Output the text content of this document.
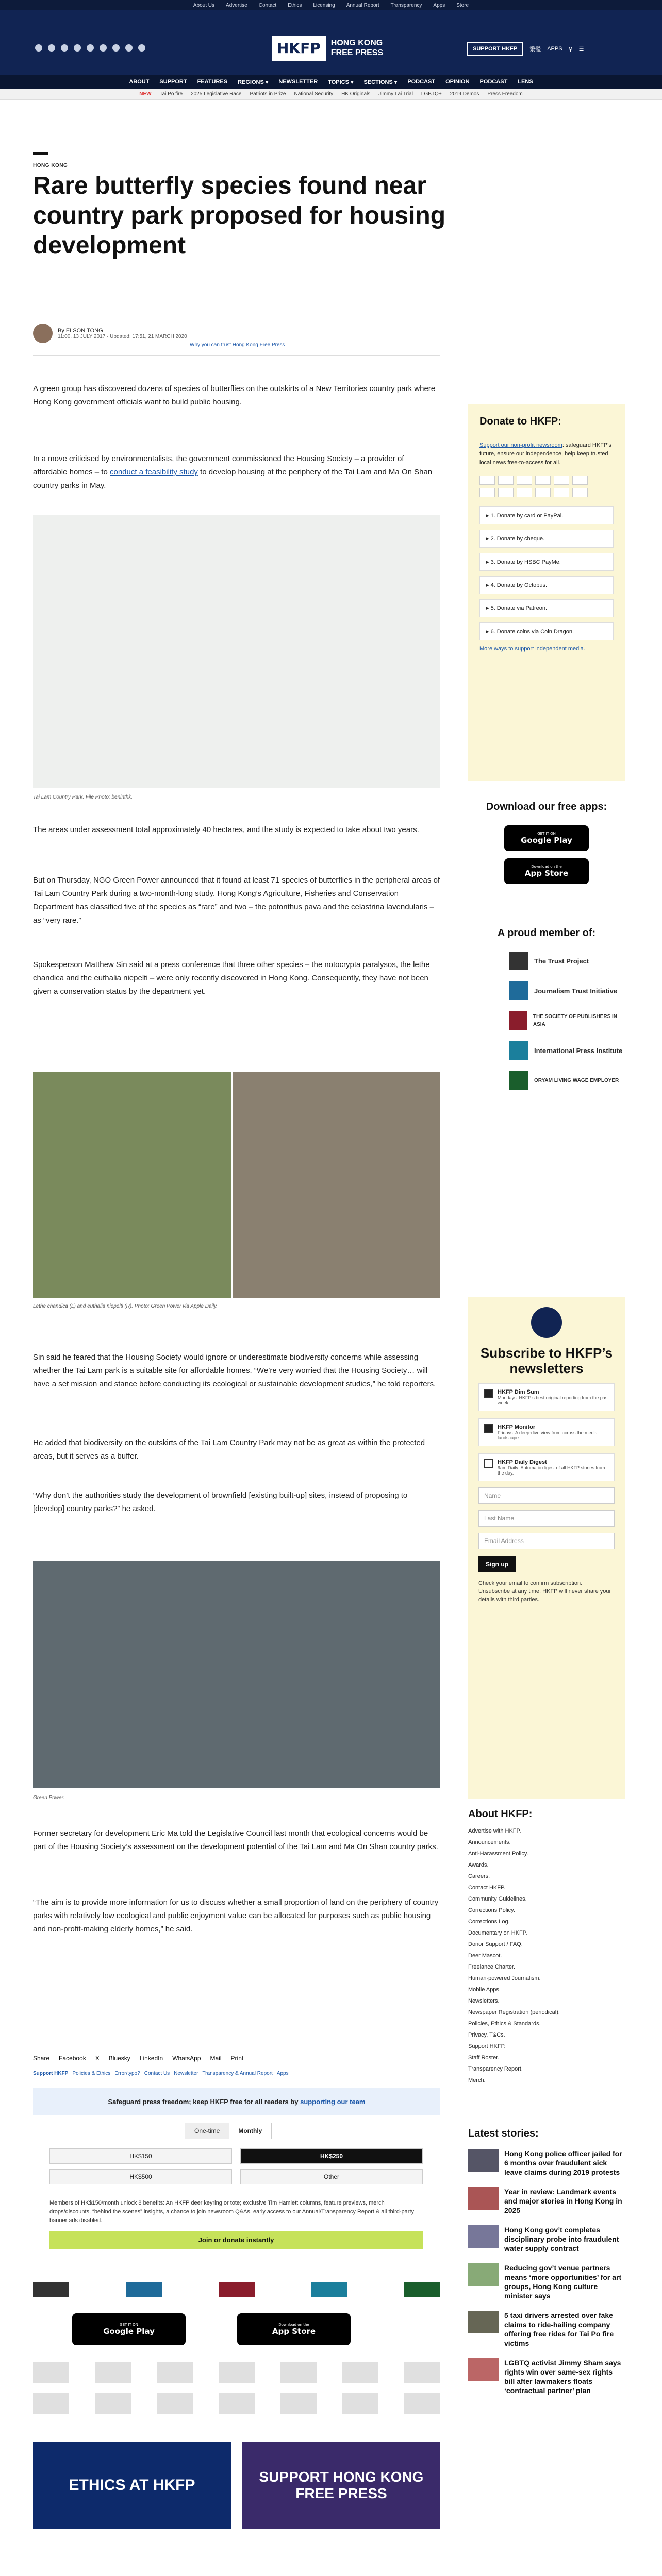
About Us Advertise Contact Ethics Licensing Annual Report Transparency Apps Store
HKFP	HONG KONG
FREE PRESS	SUPPORT HKFP	繁體 APPS ⚲ ☰
ABOUT SUPPORT FEATURES REGIONS ▾ NEWSLETTER TOPICS ▾ SECTIONS ▾ PODCAST OPINION PODCAST LENS
NEW Tai Po fire 2025 Legislative Race Patriots in Prize National Security HK Originals Jimmy Lai Trial LGBTQ+ 2019 Demos Press Freedom
HONG KONG
Rare butterfly species found near country park proposed for housing development
By ELSON TONG
11:00, 13 JULY 2017 · Updated: 17:51, 21 MARCH 2020
Why you can trust Hong Kong Free Press

A green group has discovered dozens of species of butterflies on the outskirts of a New Territories country park where Hong Kong government officials want to build public housing.

In a move criticised by environmentalists, the government commissioned the Housing Society – a provider of affordable homes – to conduct a feasibility study to develop housing at the periphery of the Tai Lam and Ma On Shan country parks in May.

Tai Lam Country Park. File Photo: beninthk.

The areas under assessment total approximately 40 hectares, and the study is expected to take about two years.

But on Thursday, NGO Green Power announced that it found at least 71 species of butterflies in the peripheral areas of Tai Lam Country Park during a two-month-long study. Hong Kong’s Agriculture, Fisheries and Conservation Department has classified five of the species as “rare” and two – the potonthus pava and the celastrina lavendularis – as “very rare.”

Spokesperson Matthew Sin said at a press conference that three other species – the notocrypta paralysos, the lethe chandica and the euthalia niepelti – were only recently discovered in Hong Kong. Consequently, they have not been given a conservation status by the department yet.

Lethe chandica (L) and euthalia niepelti (R). Photo: Green Power via Apple Daily.

Sin said he feared that the Housing Society would ignore or underestimate biodiversity concerns while assessing whether the Tai Lam park is a suitable site for affordable homes. “We’re very worried that the Housing Society… will have a set mission and stance before conducting its ecological or sustainable development studies,” he told reporters.

He added that biodiversity on the outskirts of the Tai Lam Country Park may not be as great as within the protected areas, but it serves as a buffer.

“Why don’t the authorities study the development of brownfield [existing built-up] sites, instead of proposing to [develop] country parks?” he asked.

Green Power.

Former secretary for development Eric Ma told the Legislative Council last month that ecological concerns would be part of the Housing Society’s assessment on the development potential of the Tai Lam and Ma On Shan country parks.

“The aim is to provide more information for us to discuss whether a small proportion of land on the periphery of country parks with relatively low ecological and public enjoyment value can be allocated for purposes such as public housing and non-profit-making elderly homes,” he said.

Share Facebook X Bluesky LinkedIn WhatsApp Mail Print
Support HKFP Policies & Ethics Error/typo? Contact Us Newsletter Transparency & Annual Report Apps
Safeguard press freedom; keep HKFP free for all readers by supporting our team
One-time	Monthly
HK$150	HK$250
HK$500	Other
Members of HK$150/month unlock 8 benefits: An HKFP deer keyring or tote; exclusive Tim Hamlett columns, feature previews, merch drops/discounts, “behind the scenes” insights, a chance to join newsroom Q&As, early access to our Annual/Transparency Report & all third-party banner ads disabled.
Join or donate instantly
GET IT ON
Google Play
Download on the
App Store
ETHICS AT HKFP	SUPPORT HONG KONG FREE PRESS
Donate to HKFP:
Support our non-profit newsroom: safeguard HKFP's future, ensure our independence, help keep trusted local news free-to-access for all.
▸ 1. Donate by card or PayPal.
▸ 2. Donate by cheque.
▸ 3. Donate by HSBC PayMe.
▸ 4. Donate by Octopus.
▸ 5. Donate via Patreon.
▸ 6. Donate coins via Coin Dragon.
More ways to support independent media.
Download our free apps:
GET IT ON
Google Play
Download on the
App Store
A proud member of:
The Trust Project
Journalism Trust Initiative
THE SOCIETY OF PUBLISHERS IN ASIA
International Press Institute
ORYAM LIVING WAGE EMPLOYER
Subscribe to HKFP’s newsletters
HKFP Dim Sum
Mondays: HKFP's best original reporting from the past week.
HKFP Monitor
Fridays: A deep-dive view from across the media landscape.
HKFP Daily Digest
9am Daily: Automatic digest of all HKFP stories from the day.
Name
Last Name
Email Address
Sign up
Check your email to confirm subscription. Unsubscribe at any time. HKFP will never share your details with third parties.
About HKFP:
Advertise with HKFP.
Announcements.
Anti-Harassment Policy.
Awards.
Careers.
Contact HKFP.
Community Guidelines.
Corrections Policy.
Corrections Log.
Documentary on HKFP.
Donor Support / FAQ.
Deer Mascot.
Freelance Charter.
Human-powered Journalism.
Mobile Apps.
Newsletters.
Newspaper Registration (periodical).
Policies, Ethics & Standards.
Privacy, T&Cs.
Support HKFP.
Staff Roster.
Transparency Report.
Merch.
Latest stories:
Hong Kong police officer jailed for 6 months over fraudulent sick leave claims during 2019 protests
Year in review: Landmark events and major stories in Hong Kong in 2025
Hong Kong gov’t completes disciplinary probe into fraudulent water supply contract
Reducing gov’t venue partners means ‘more opportunities’ for art groups, Hong Kong culture minister says
5 taxi drivers arrested over fake claims to ride-hailing company offering free rides for Tai Po fire victims
LGBTQ activist Jimmy Sham says rights win over same-sex rights bill after lawmakers floats ‘contractual partner’ plan
